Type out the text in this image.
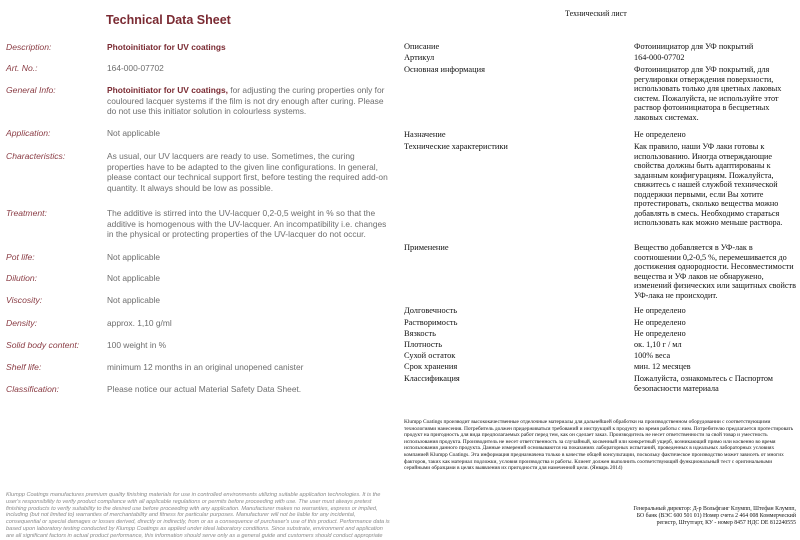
Technical Data Sheet
Description:	Photoinitiator for UV coatings
Art. No.:	164-000-07702
General Info:	Photoinitiator for UV coatings, for adjusting the curing properties only for couloured lacquer systems if the film is not dry enough after curing. Please do not use this initiator solution in colourless systems.
Application:	Not applicable
Characteristics:	As usual, our UV lacquers are ready to use. Sometimes, the curing properties have to be adapted to the given line configurations. In general, please contact our technical support first, before testing the required add-on quantity. It always should be low as possible.
Treatment:	The additive is stirred into the UV-lacquer 0,2-0,5 weight in % so that the additive is homogenous with the UV-lacquer. An incompatibility i.e. changes in the physical or protecting properties of the UV-lacquer do not occur.
Pot life:	Not applicable
Dilution:	Not applicable
Viscosity:	Not applicable
Density:	approx. 1,10 g/ml
Solid body content:	100 weight in %
Shelf life:	minimum 12 months in an original unopened canister
Classification:	Please notice our actual Material Safety Data Sheet.
Klumpp Coatings manufactures premium quality finishing materials for use in controlled environments utilizing suitable application technologies. It is the user's responsibility to verify product compliance with all applicable regulations or permits before proceeding with use. The user must always pretest finishing products to verify suitability to the desired use before proceeding with any application. Manufacturer makes no warranties, express or implied, including (but not limited to) warranties of merchantability and fitness for particular purposes. Manufacturer will not be liable for any incidental, consequential or special damages or losses derived, directly or indirectly, from or as a consequence of purchaser's use of this product. Performance data is based upon laboratory testing conducted by Klumpp Coatings as applied under ideal laboratory conditions. Since substrate, environment and application are all significant factors in actual product performance, this information should serve only as a general guide and customers should conduct appropriate
Технический лист
Описание	Фотоинициатор для УФ покрытий
Артикул	164-000-07702
Основная информация	Фотоинициатор для УФ покрытий, для регулировки отверждения поверхности, использовать только для цветных лаковых систем. Пожалуйста, не используйте этот раствор фотоинициатора в бесцветных лаковых системах.
Назначение	Не определено
Технические характеристики	Как правило, наши УФ лаки готовы к использованию. Иногда отверждающие свойства должны быть адаптированы к заданным конфигурациям. Пожалуйста, свяжитесь с нашей службой технической поддержки первыми, если Вы хотите протестировать, сколько вещества можно добавлять в смесь. Необходимо стараться использовать как можно меньше раствора.
Применение	Вещество добавляется в УФ-лак в соотношении 0,2-0,5 %, перемешивается до достижения однородности. Несовместимости вещества и УФ лаков не обнаружено, изменений физических или защитных свойств УФ-лака не происходит.
Долговечность	Не определено
Растворимость	Не определено
Вязкость	Не определено
Плотность	ок. 1,10 г / мл
Сухой остаток	100% веса
Срок хранения	мин. 12 месяцев
Классификация	Пожалуйста, ознакомьтесь с Паспортом безопасности материала
Klumpp Coatings производит высококачественные отделочные материалы для дальнейшей обработки на производственном оборудовании с соответствующими технологиями нанесения. Потребитель должен придерживаться требований и инструкций к продукту во время работы с ним. Потребителю предлагается протестировать продукт на пригодность для вида предполагаемых работ перед тем, как он сделает заказ. Производитель не несет ответственности за свой товар и уместность использования продукта. Производитель не несет ответственность за случайный, косвенный или конкретный ущерб, возникающий прямо или косвенно во время использования данного продукта. Данные измерений основываются на показаниях лабораторных испытаний, проведенных в идеальных лабораторных условиях компанией Klumpp Coatings. Эта информация предназначена только в качестве общей консультации, поскольку фактическое производство может зависеть от многих факторов, таких как материал подложки, условия производства и работы. Клиент должен выполнить соответствующий функциональный тест с оригинальными серийными образцами в целях выявления их пригодности для намеченной цели. (Январь 2014)
Генеральный директор: Д-р Вольфганг Клумпп, Штефан Клумпп, БО банк (ВЭС 600 501 01) Номер счета 2 464 008 Коммерческий регистр, Штутгарт, КУ - номер 8457 НДС DE 812240555
